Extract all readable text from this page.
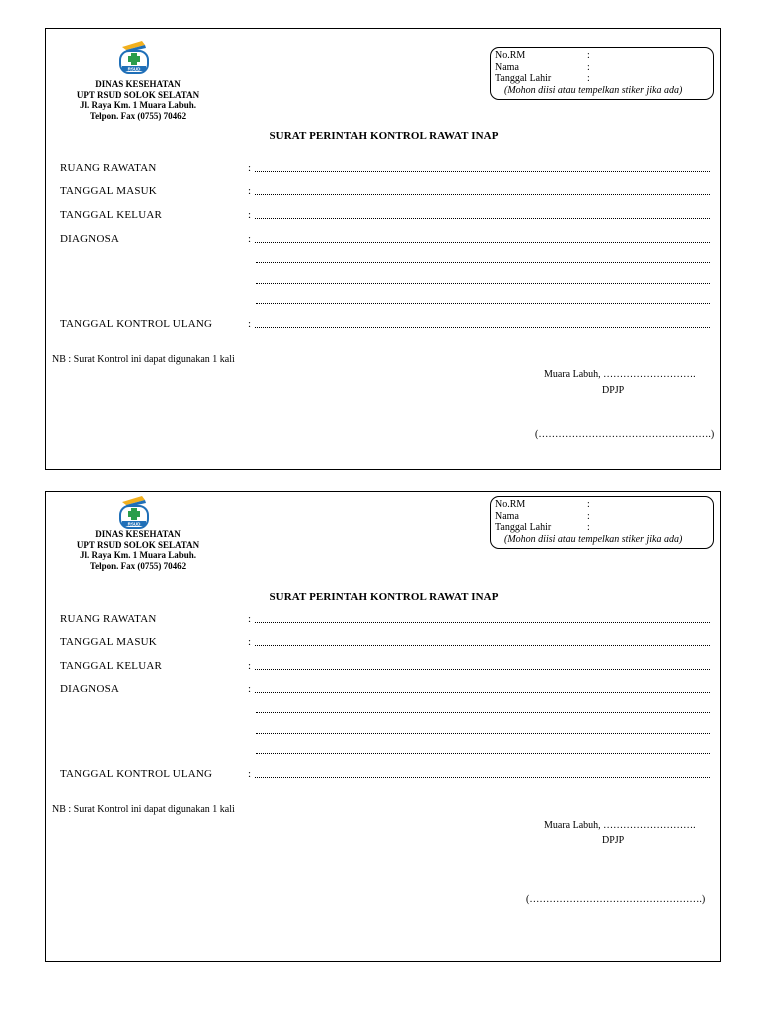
RSUD
DINAS KESEHATAN
UPT RSUD SOLOK SELATAN
Jl. Raya Km. 1 Muara Labuh.
Telpon. Fax (0755) 70462
No.RM	:
Nama	:
Tanggal Lahir	:
(Mohon diisi atau tempelkan stiker jika ada)
SURAT PERINTAH KONTROL RAWAT INAP
RUANG RAWATAN	:
TANGGAL MASUK	:
TANGGAL KELUAR	:
DIAGNOSA	:
TANGGAL KONTROL ULANG	:
NB : Surat Kontrol ini dapat digunakan 1 kali
Muara Labuh, ……………………….
DPJP
(…………………………………………….)
RSUD
DINAS KESEHATAN
UPT RSUD SOLOK SELATAN
Jl. Raya Km. 1 Muara Labuh.
Telpon. Fax (0755) 70462
No.RM	:
Nama	:
Tanggal Lahir	:
(Mohon diisi atau tempelkan stiker jika ada)
SURAT PERINTAH KONTROL RAWAT INAP
RUANG RAWATAN	:
TANGGAL MASUK	:
TANGGAL KELUAR	:
DIAGNOSA	:
TANGGAL KONTROL ULANG	:
NB : Surat Kontrol ini dapat digunakan 1 kali
Muara Labuh, ……………………….
DPJP
(…………………………………………….)
